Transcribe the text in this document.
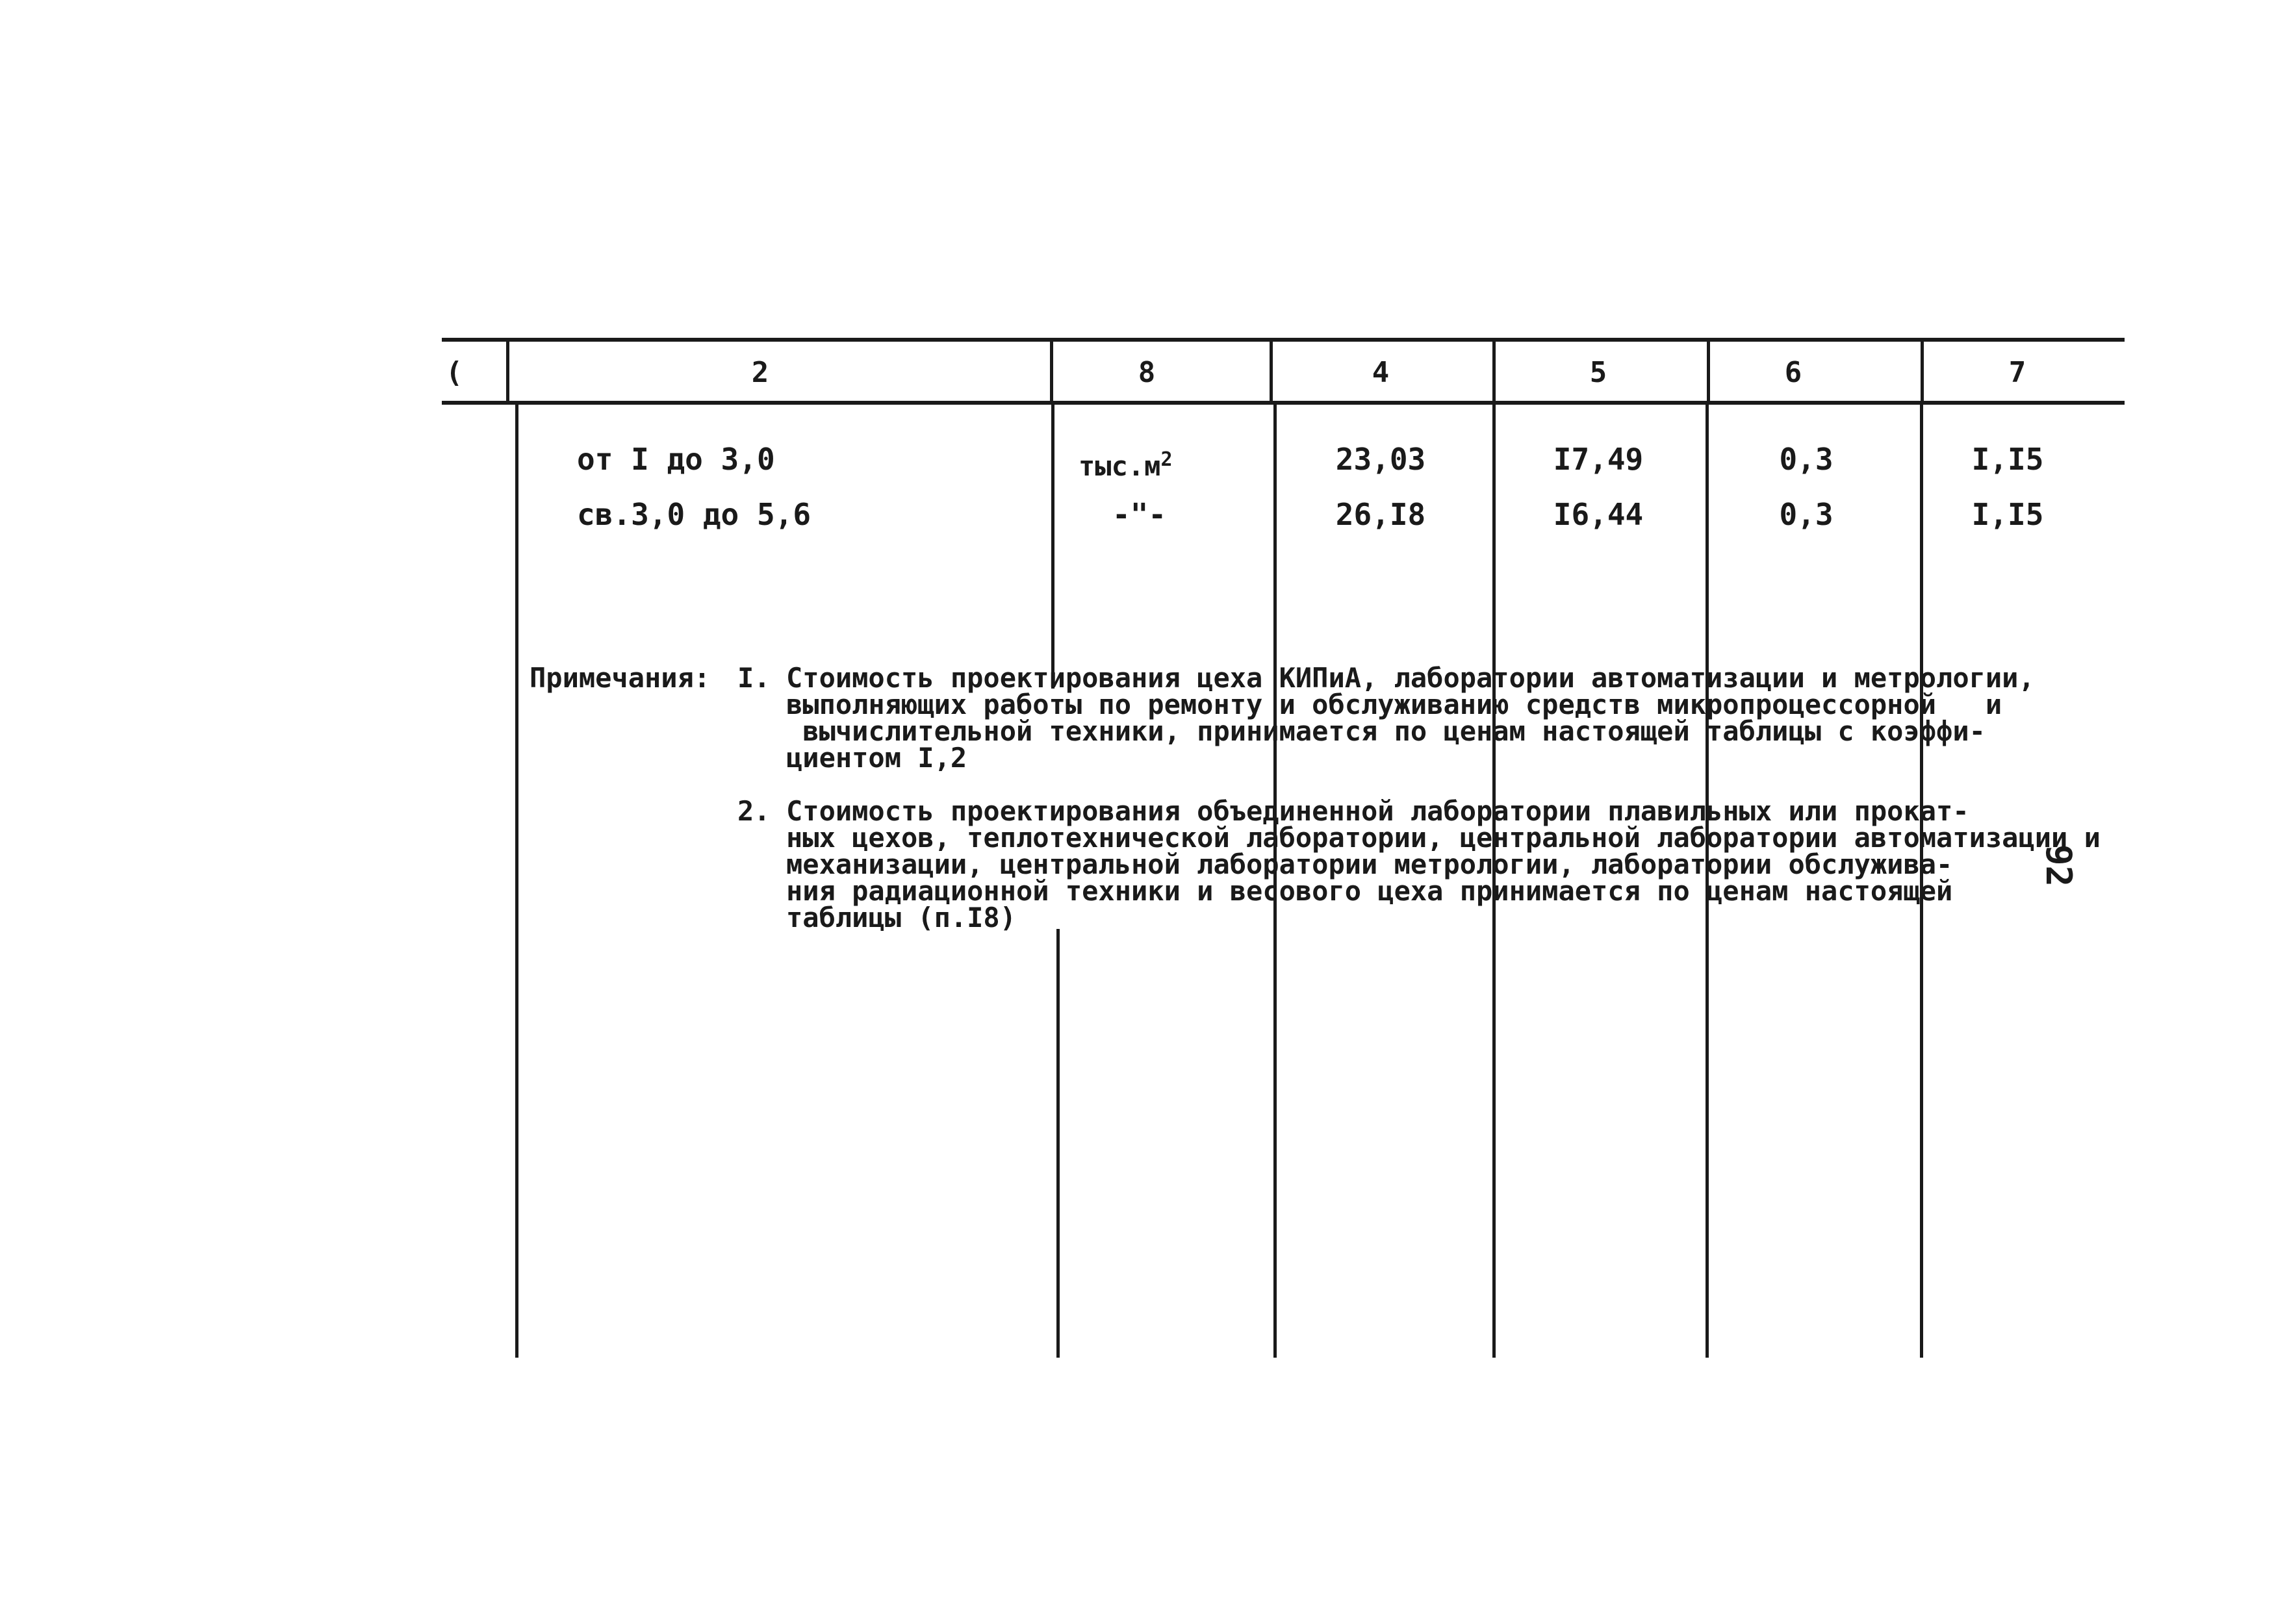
(	2	8	4	5	6	7
от I до 3,0	$тыс.м^2$	23,03	I7,49	0,3	I,I5
св.3,0 до 5,6	-"-	26,I8	I6,44	0,3	I,I5
Примечания: I. Стоимость проектирования цеха КИПиА, лаборатории автоматизации и метрологии,
выполняющих работы по ремонту и обслуживанию средств микропроцессорной   и
вычислительной техники, принимается по ценам настоящей таблицы с коэффи-
циентом I,2
2. Стоимость проектирования объединенной лаборатории плавильных или прокат-
ных цехов, теплотехнической лаборатории, центральной лаборатории автоматизации и
механизации, центральной лаборатории метрологии, лаборатории обслужива-
ния радиационной техники и весового цеха принимается по ценам настоящей
таблицы (п.I8)
92
